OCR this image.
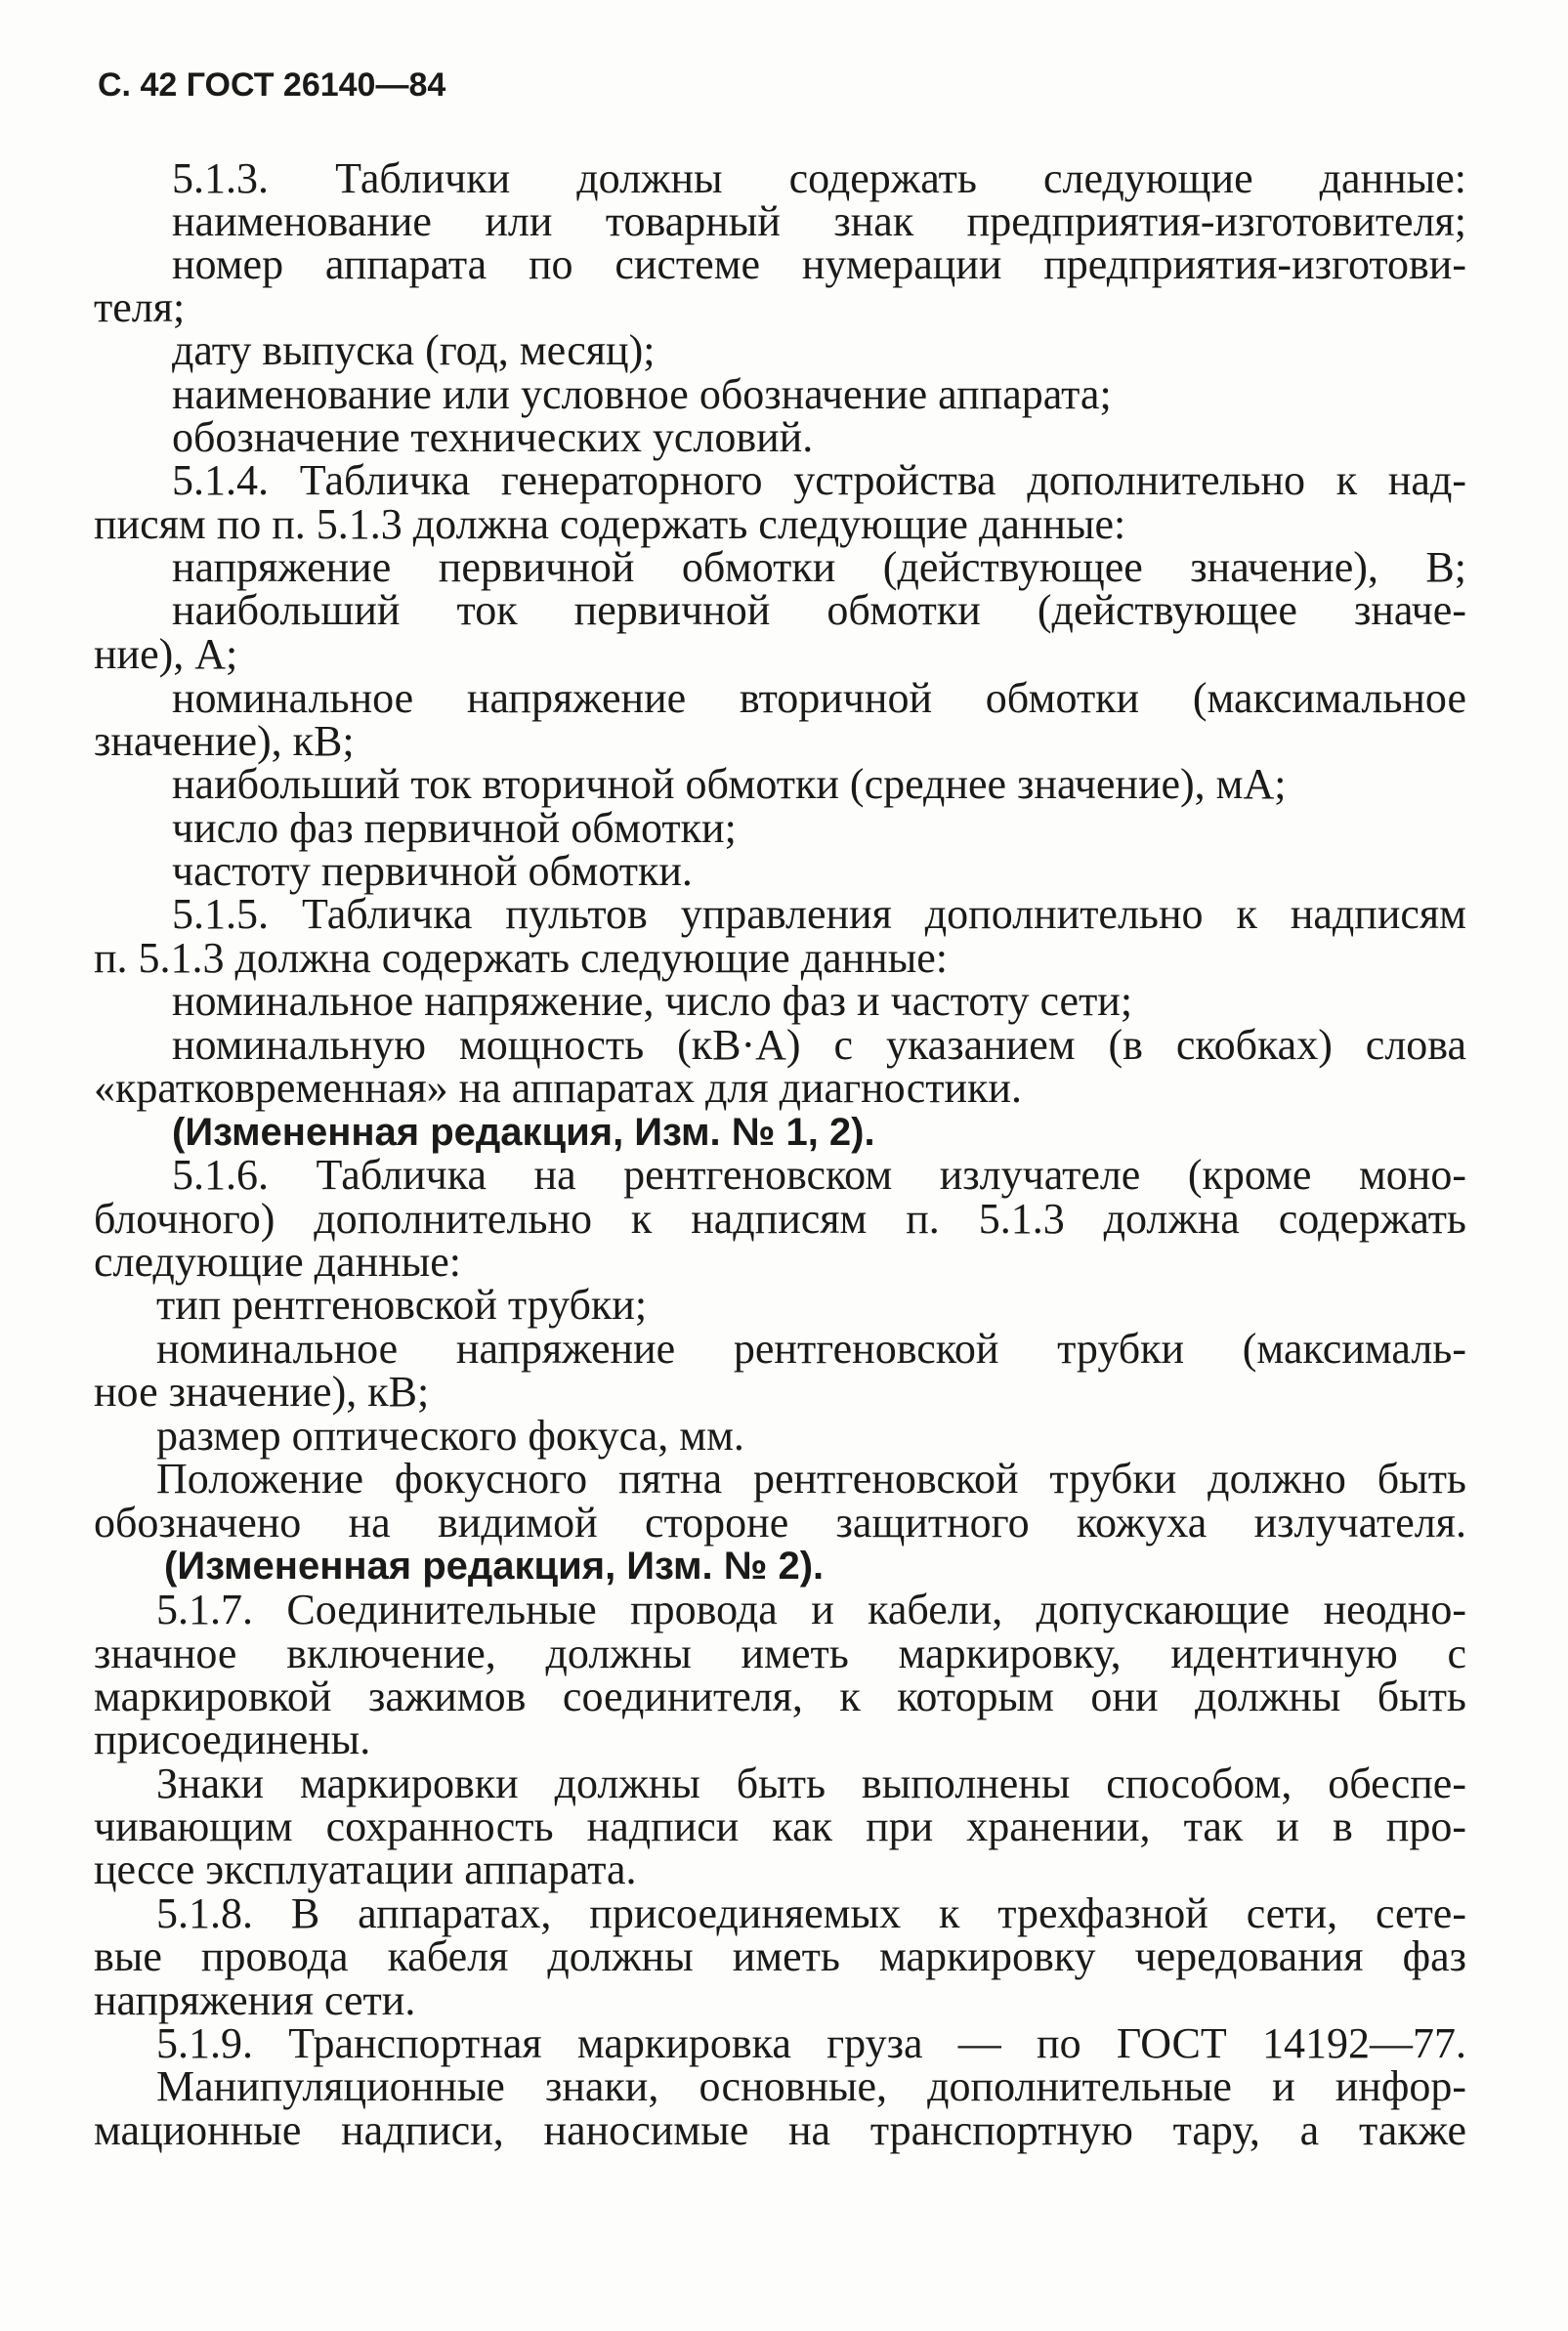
С. 42 ГОСТ 26140—84
5.1.3. Таблички должны содержать следующие данные:
наименование или товарный знак предприятия-изготовителя;
номер аппарата по системе нумерации предприятия-изготови-
теля;
дату выпуска (год, месяц);
наименование или условное обозначение аппарата;
обозначение технических условий.
5.1.4. Табличка генераторного устройства дополнительно к над-
писям по п. 5.1.3 должна содержать следующие данные:
напряжение первичной обмотки (действующее значение), В;
наибольший ток первичной обмотки (действующее значе-
ние), А;
номинальное напряжение вторичной обмотки (максимальное
значение), кВ;
наибольший ток вторичной обмотки (среднее значение), мА;
число фаз первичной обмотки;
частоту первичной обмотки.
5.1.5. Табличка пультов управления дополнительно к надписям
п. 5.1.3 должна содержать следующие данные:
номинальное напряжение, число фаз и частоту сети;
номинальную мощность (кВ·А) с указанием (в скобках) слова
«кратковременная» на аппаратах для диагностики.
(Измененная редакция, Изм. № 1, 2).
5.1.6. Табличка на рентгеновском излучателе (кроме моно-
блочного) дополнительно к надписям п. 5.1.3 должна содержать
следующие данные:
тип рентгеновской трубки;
номинальное напряжение рентгеновской трубки (максималь-
ное значение), кВ;
размер оптического фокуса, мм.
Положение фокусного пятна рентгеновской трубки должно быть
обозначено на видимой стороне защитного кожуха излучателя.
(Измененная редакция, Изм. № 2).
5.1.7. Соединительные провода и кабели, допускающие неодно-
значное включение, должны иметь маркировку, идентичную с
маркировкой зажимов соединителя, к которым они должны быть
присоединены.
Знаки маркировки должны быть выполнены способом, обеспе-
чивающим сохранность надписи как при хранении, так и в про-
цессе эксплуатации аппарата.
5.1.8. В аппаратах, присоединяемых к трехфазной сети, сете-
вые провода кабеля должны иметь маркировку чередования фаз
напряжения сети.
5.1.9. Транспортная маркировка груза — по ГОСТ 14192—77.
Манипуляционные знаки, основные, дополнительные и инфор-
мационные надписи, наносимые на транспортную тару, а также
